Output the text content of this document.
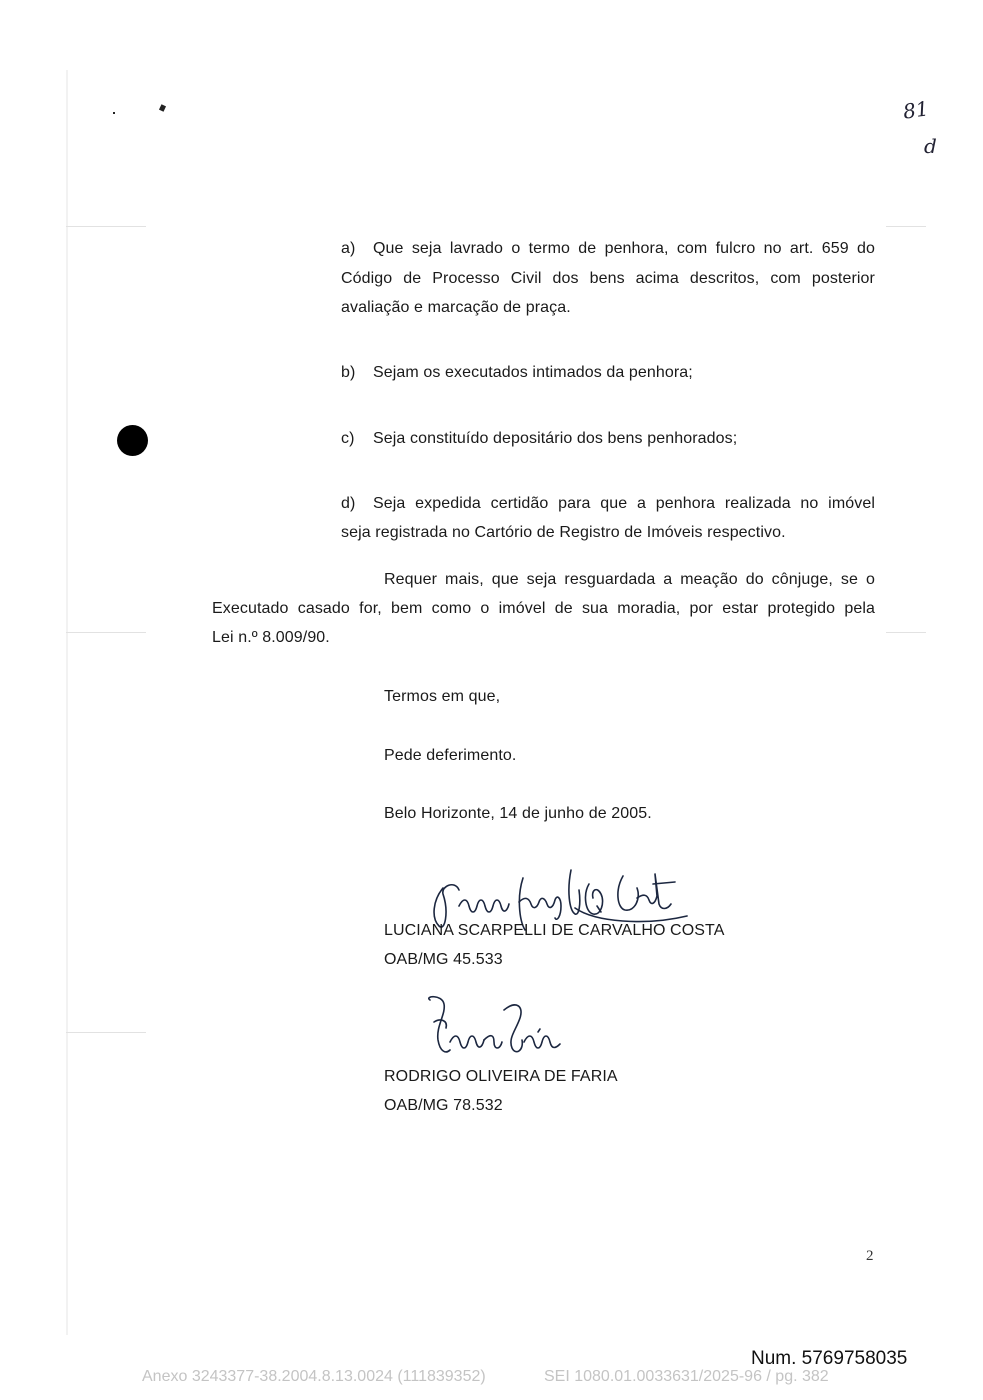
81
d
a) Que seja lavrado o termo de penhora, com fulcro no art. 659 do
Código de Processo Civil dos bens acima descritos, com posterior
avaliação e marcação de praça.
b) Sejam os executados intimados da penhora;
c) Seja constituído depositário dos bens penhorados;
d) Seja expedida certidão para que a penhora realizada no imóvel
seja registrada no Cartório de Registro de Imóveis respectivo.
Requer mais, que seja resguardada a meação do cônjuge, se o
Executado casado for, bem como o imóvel de sua moradia, por estar protegido pela
Lei n.º 8.009/90.
Termos em que,
Pede deferimento.
Belo Horizonte, 14 de junho de 2005.
LUCIANA SCARPELLI DE CARVALHO COSTA
OAB/MG 45.533
RODRIGO OLIVEIRA DE FARIA
OAB/MG 78.532
2
Num. 5769758035
Anexo 3243377-38.2004.8.13.0024 (111839352)	SEI 1080.01.0033631/2025-96 / pg. 382
